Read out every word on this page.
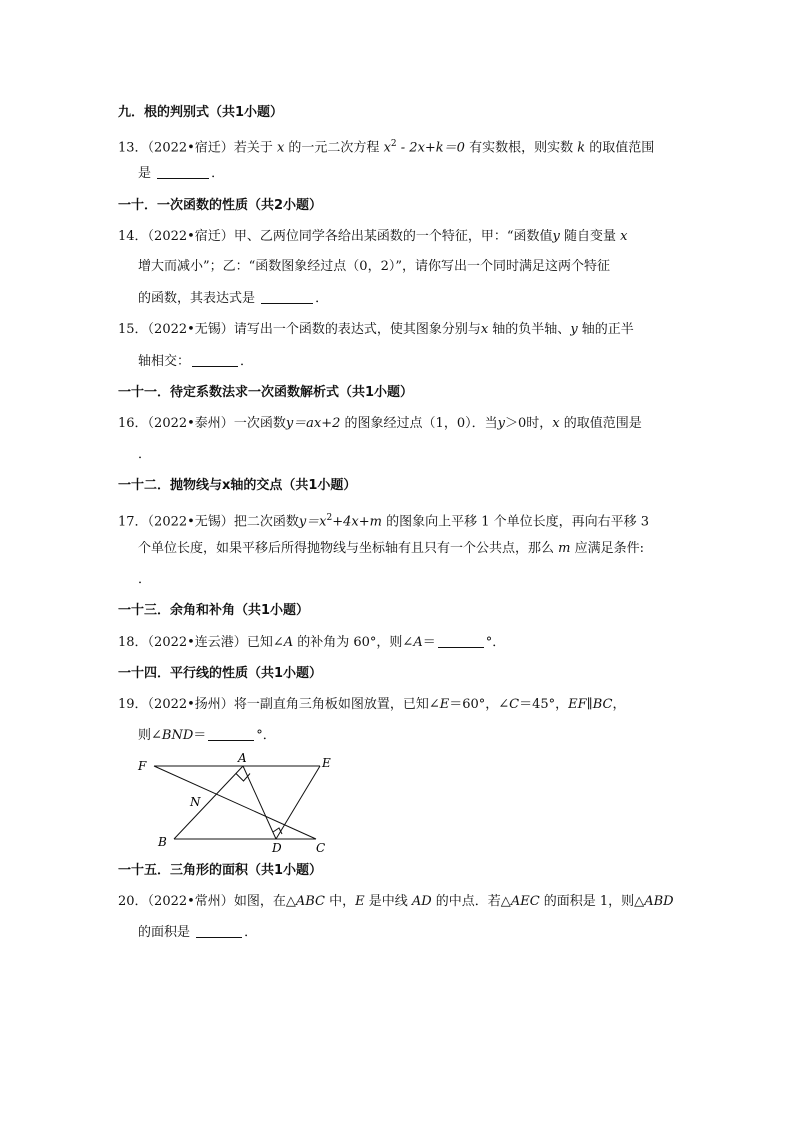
九．根的判别式（共1小题）
13．（2022•宿迁）若关于 x 的一元二次方程 $x^2 - 2x+k=0$ 有实数根，则实数 k 的取值范围
是	．
一十．一次函数的性质（共2小题）
14．（2022•宿迁）甲、乙两位同学各给出某函数的一个特征，甲：“函数值y 随自变量 x
增大而减小”；乙：“函数图象经过点（0，2）”，请你写出一个同时满足这两个特征
的函数，其表达式是	．
15．（2022•无锡）请写出一个函数的表达式，使其图象分别与x 轴的负半轴、y 轴的正半
轴相交：	．
一十一．待定系数法求一次函数解析式（共1小题）
16．（2022•泰州）一次函数y＝ax+2 的图象经过点（1，0）．当y＞0时，x 的取值范围是
．
一十二．抛物线与x轴的交点（共1小题）
17．（2022•无锡）把二次函数$y=x^2+4x+m$ 的图象向上平移 1 个单位长度，再向右平移 3
个单位长度，如果平移后所得抛物线与坐标轴有且只有一个公共点，那么 m 应满足条件:
．
一十三．余角和补角（共1小题）
18．（2022•连云港）已知∠A 的补角为 60°，则∠A＝	°．
一十四．平行线的性质（共1小题）
19．（2022•扬州）将一副直角三角板如图放置，已知∠E＝60°，∠C＝45°，EF∥BC，
则∠BND＝	°．
F
A	E
N
B	D	C
一十五．三角形的面积（共1小题）
20．（2022•常州）如图，在△ABC 中，E 是中线 AD 的中点．若△AEC 的面积是 1，则△ABD
的面积是	．
